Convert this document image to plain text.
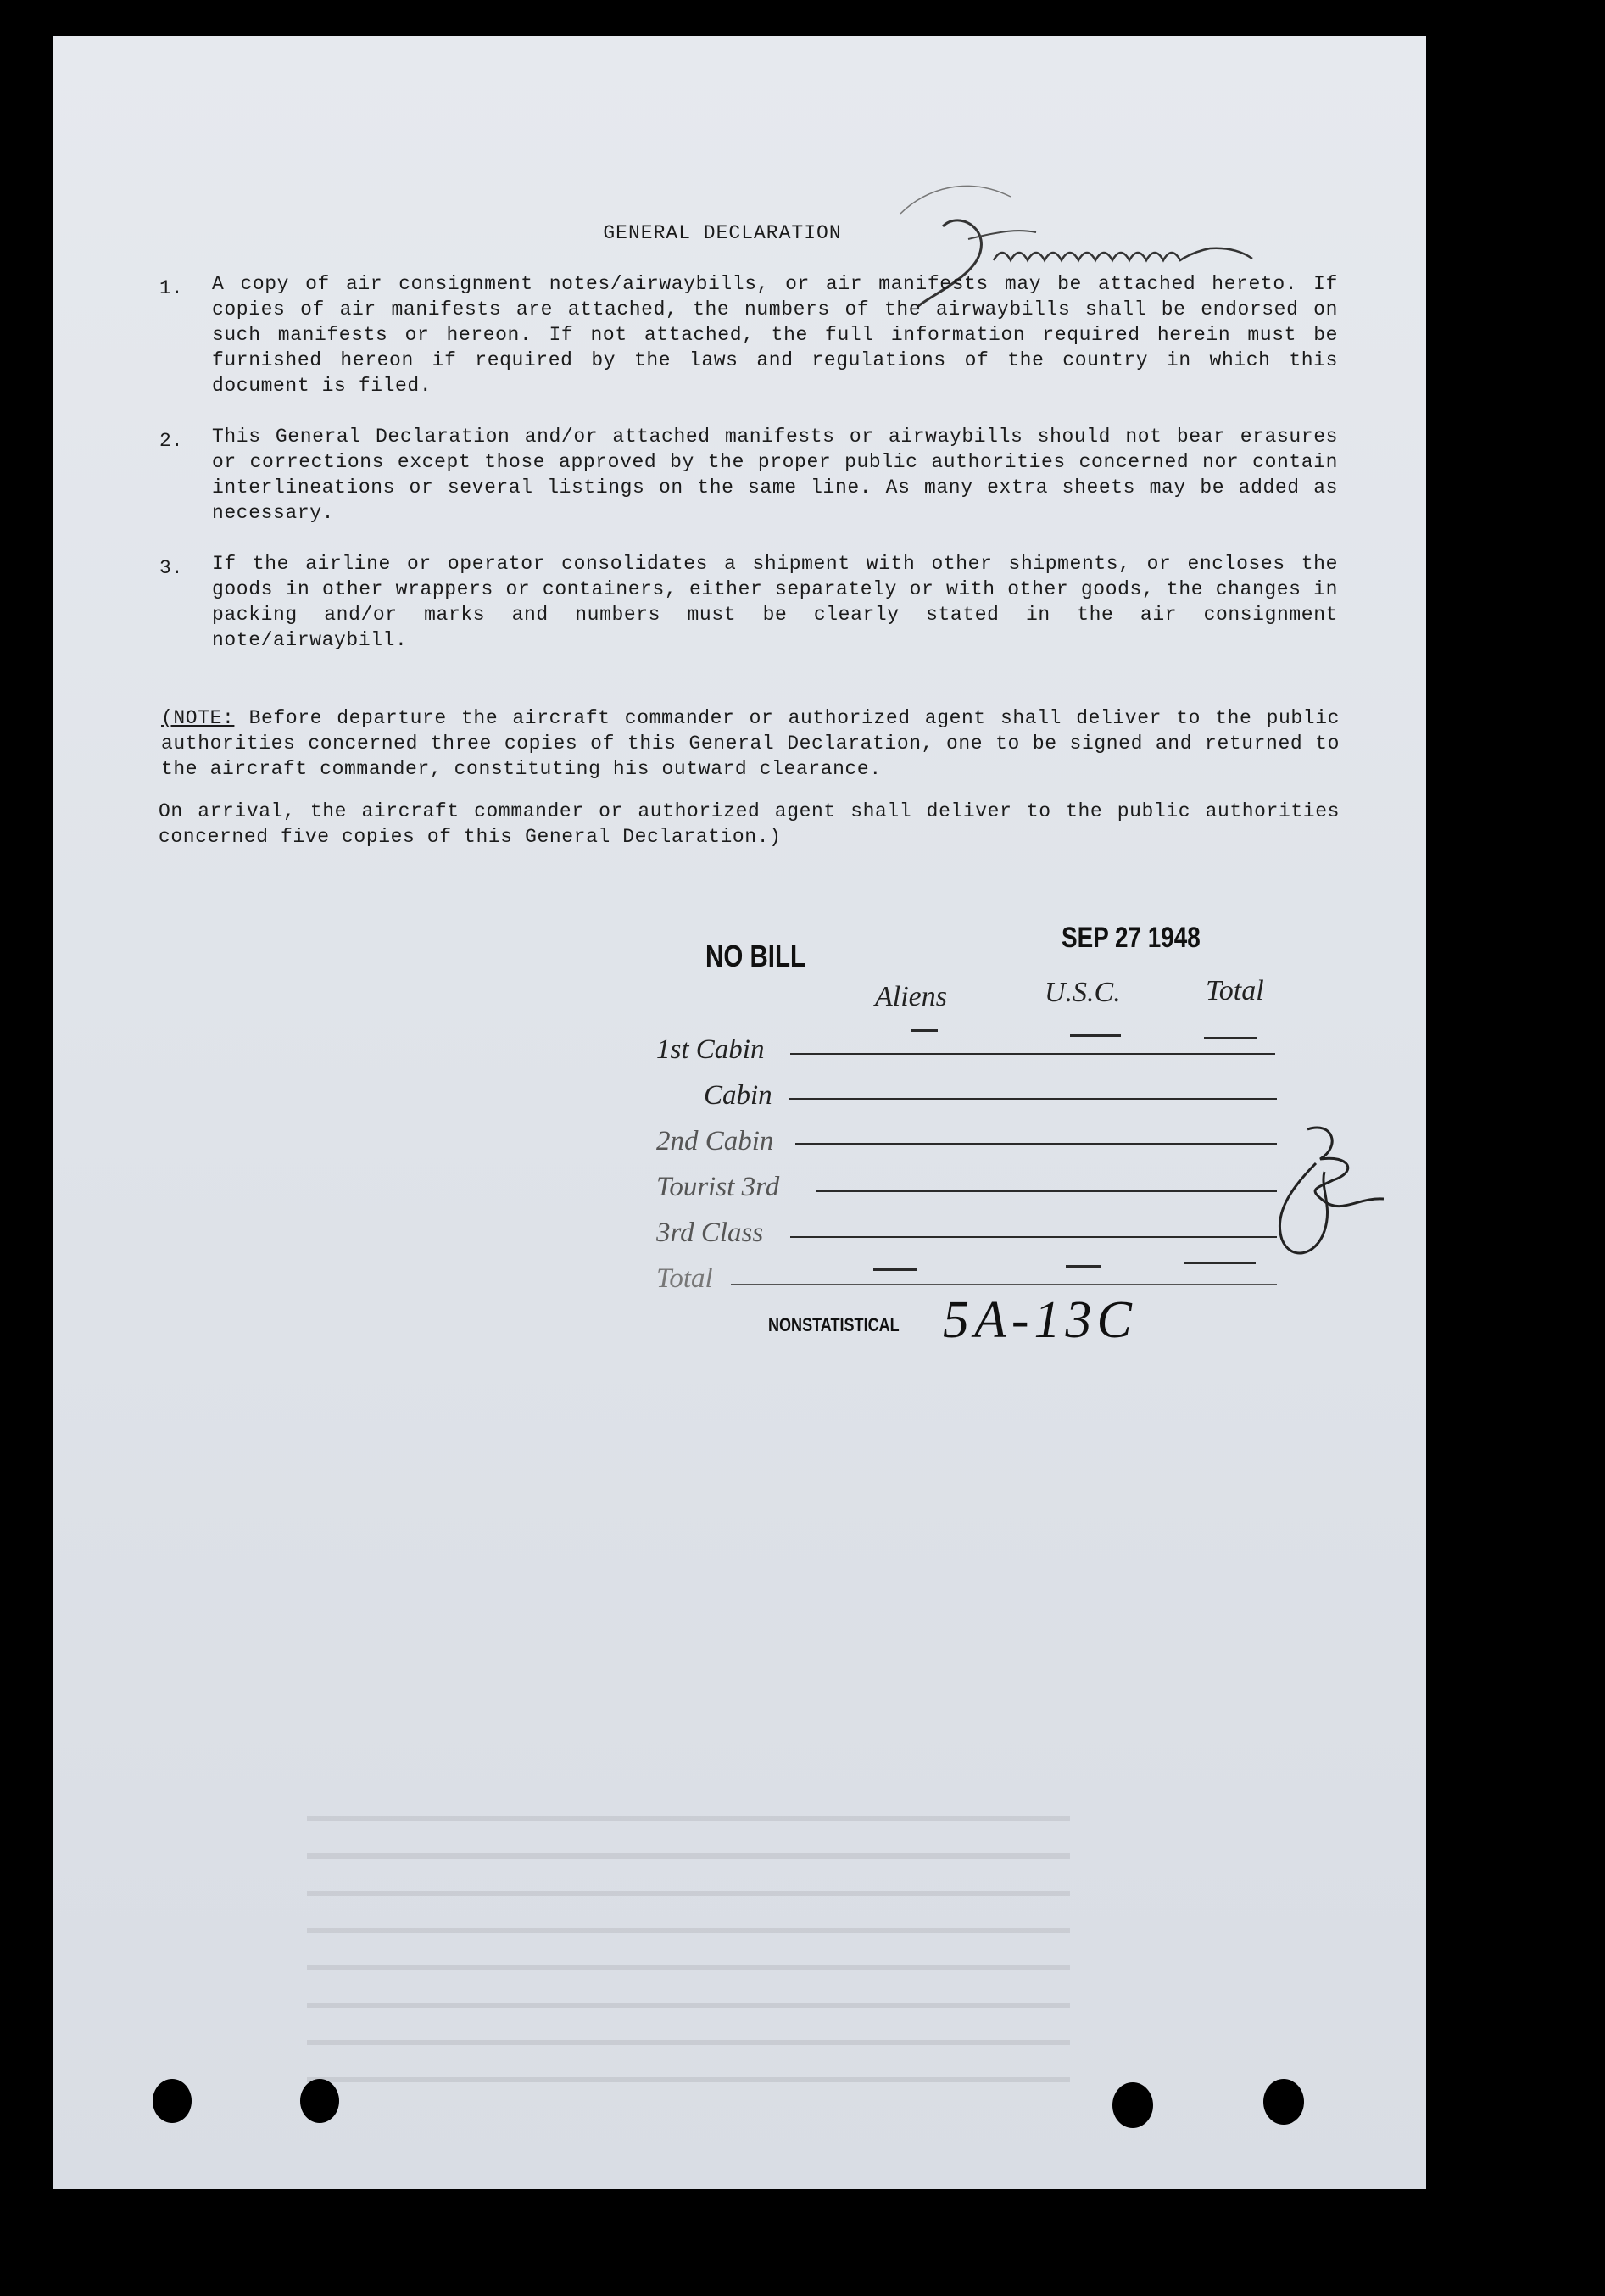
GENERAL DECLARATION
1. A copy of air consignment notes/airwaybills, or air manifests may be attached hereto. If copies of air manifests are attached, the numbers of the airwaybills shall be endorsed on such manifests or hereon. If not attached, the full information required herein must be furnished hereon if required by the laws and regulations of the country in which this document is filed.

2. This General Declaration and/or attached manifests or airwaybills should not bear erasures or corrections except those approved by the proper public authorities concerned nor contain interlineations or several listings on the same line. As many extra sheets may be added as necessary.

3. If the airline or operator consolidates a shipment with other shipments, or encloses the goods in other wrappers or containers, either separately or with other goods, the changes in packing and/or marks and numbers must be clearly stated in the air consignment note/airwaybill.

(NOTE: Before departure the aircraft commander or authorized agent shall deliver to the public authorities concerned three copies of this General Declaration, one to be signed and returned to the aircraft commander, constituting his outward clearance.

On arrival, the aircraft commander or authorized agent shall deliver to the public authorities concerned five copies of this General Declaration.)

NO BILL
SEP 27 1948
Aliens	U.S.C.	Total
1st Cabin
Cabin
2nd Cabin
Tourist 3rd
3rd Class
Total
NONSTATISTICAL 5A-13C
